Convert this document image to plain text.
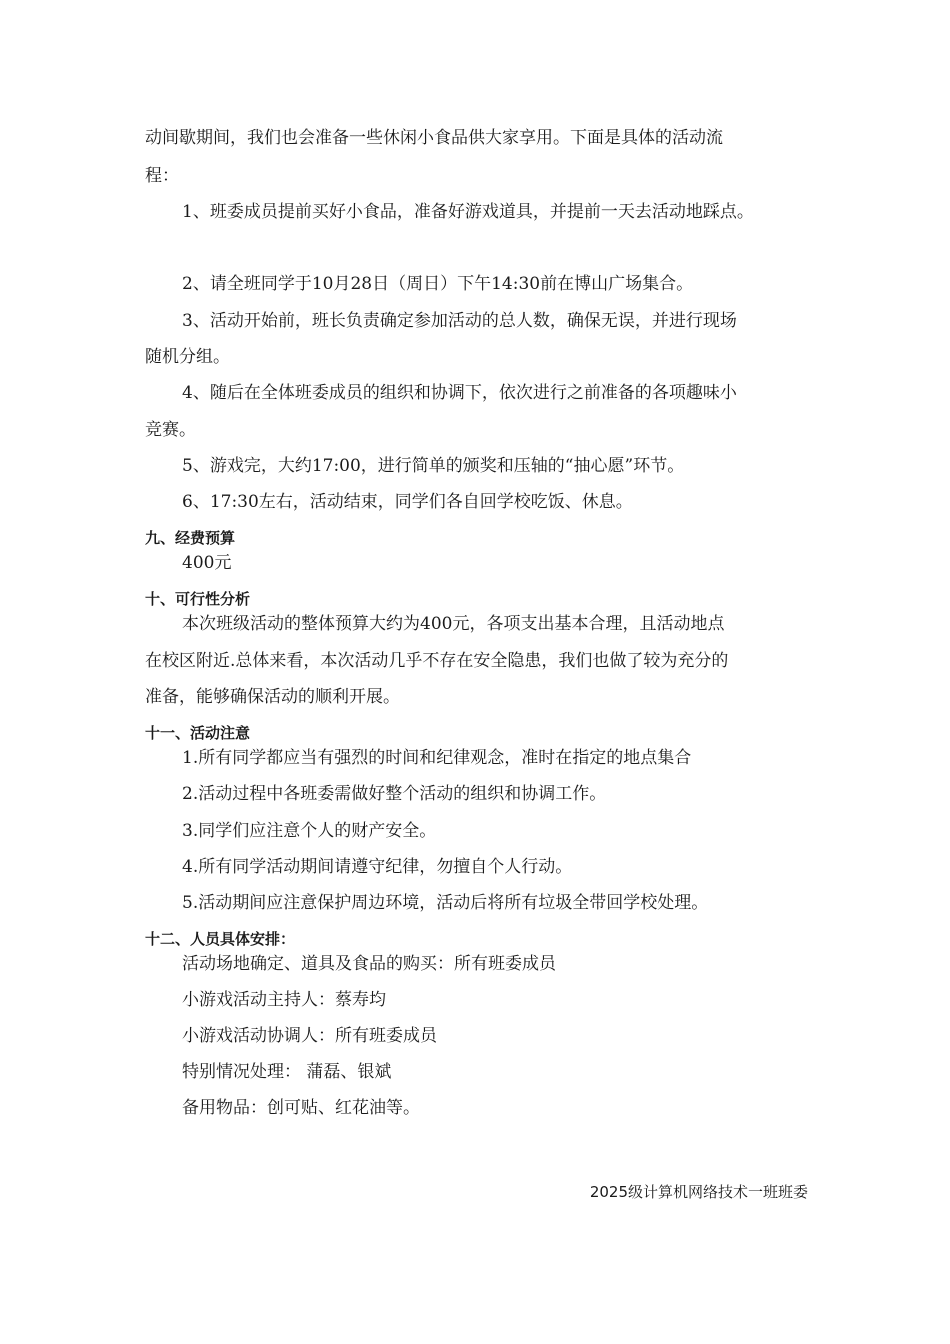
动间歇期间，我们也会准备一些休闲小食品供大家享用。下面是具体的活动流
程：
1、班委成员提前买好小食品，准备好游戏道具，并提前一天去活动地踩点。
2、请全班同学于10月28日（周日）下午14:30前在博山广场集合。
3、活动开始前，班长负责确定参加活动的总人数，确保无误，并进行现场
随机分组。
4、随后在全体班委成员的组织和协调下，依次进行之前准备的各项趣味小
竞赛。
5、游戏完，大约17:00，进行简单的颁奖和压轴的“抽心愿”环节。
6、17:30左右，活动结束，同学们各自回学校吃饭、休息。
九、经费预算
400元
十、可行性分析
本次班级活动的整体预算大约为400元，各项支出基本合理，且活动地点
在校区附近.总体来看，本次活动几乎不存在安全隐患，我们也做了较为充分的
准备，能够确保活动的顺利开展。
十一、活动注意
1.所有同学都应当有强烈的时间和纪律观念，准时在指定的地点集合
2.活动过程中各班委需做好整个活动的组织和协调工作。
3.同学们应注意个人的财产安全。
4.所有同学活动期间请遵守纪律，勿擅自个人行动。
5.活动期间应注意保护周边环境，活动后将所有垃圾全带回学校处理。
十二、人员具体安排：
活动场地确定、道具及食品的购买：所有班委成员
小游戏活动主持人：蔡寿均
小游戏活动协调人：所有班委成员
特别情况处理： 蒲磊、银斌
备用物品：创可贴、红花油等。
2025级计算机网络技术一班班委
